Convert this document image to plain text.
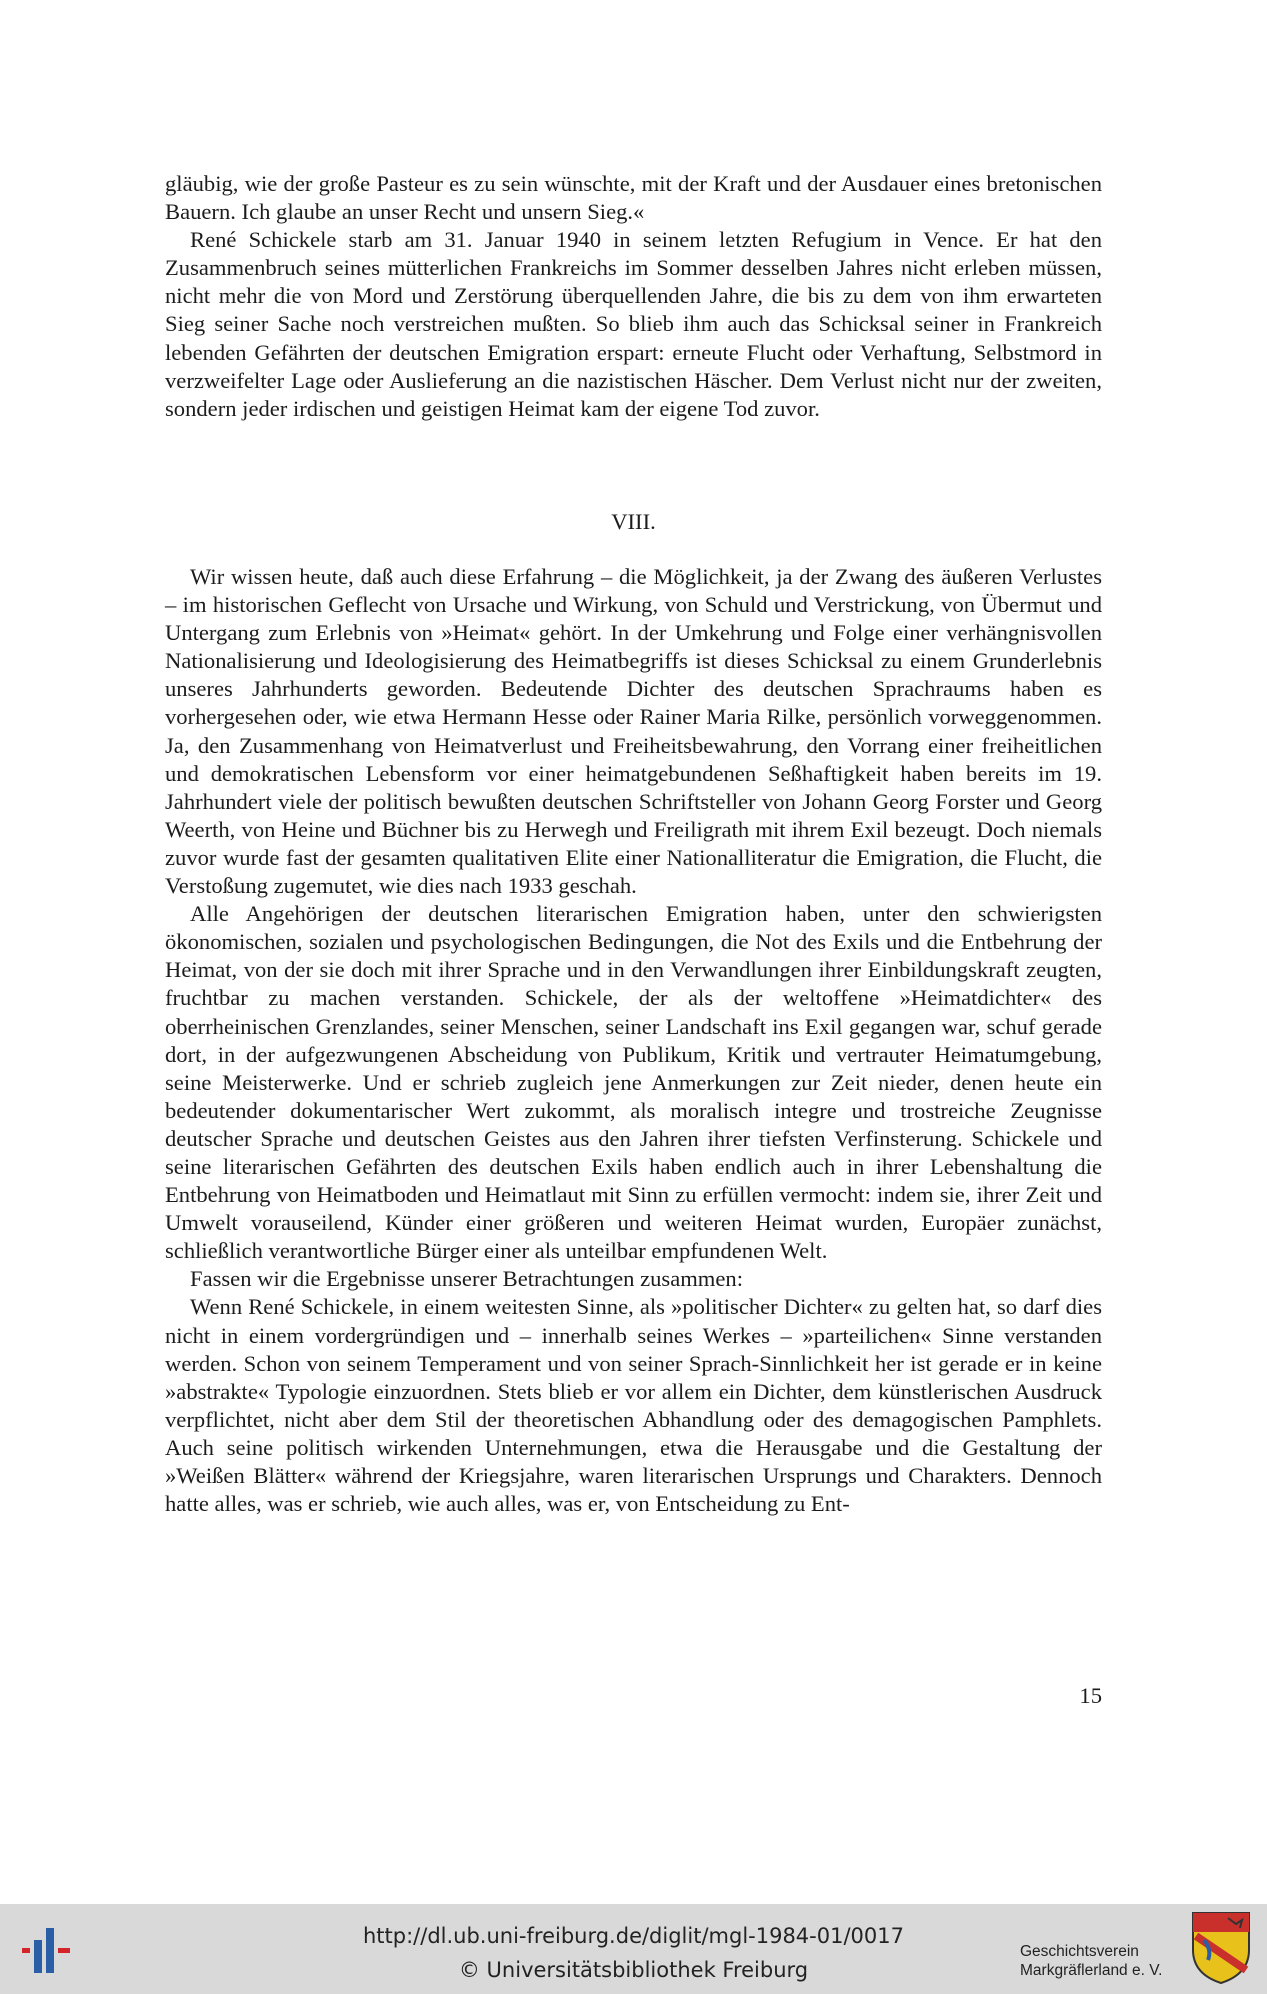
gläubig, wie der große Pasteur es zu sein wünschte, mit der Kraft und der Ausdauer eines bretonischen Bauern. Ich glaube an unser Recht und unsern Sieg.«

René Schickele starb am 31. Januar 1940 in seinem letzten Refugium in Vence. Er hat den Zusammenbruch seines mütterlichen Frankreichs im Sommer desselben Jahres nicht erleben müssen, nicht mehr die von Mord und Zerstörung überquellenden Jahre, die bis zu dem von ihm erwarteten Sieg seiner Sache noch verstreichen mußten. So blieb ihm auch das Schicksal seiner in Frankreich lebenden Gefährten der deutschen Emigration erspart: erneute Flucht oder Verhaftung, Selbstmord in verzweifelter Lage oder Auslieferung an die nazistischen Häscher. Dem Verlust nicht nur der zweiten, sondern jeder irdischen und geistigen Heimat kam der eigene Tod zuvor.

VIII.

Wir wissen heute, daß auch diese Erfahrung – die Möglichkeit, ja der Zwang des äußeren Verlustes – im historischen Geflecht von Ursache und Wirkung, von Schuld und Verstrickung, von Übermut und Untergang zum Erlebnis von »Heimat« gehört. In der Umkehrung und Folge einer verhängnisvollen Nationalisierung und Ideologisierung des Heimatbegriffs ist dieses Schicksal zu einem Grunderlebnis unseres Jahrhunderts geworden. Bedeutende Dichter des deutschen Sprachraums haben es vorhergesehen oder, wie etwa Hermann Hesse oder Rainer Maria Rilke, persönlich vorweggenommen. Ja, den Zusammenhang von Heimatverlust und Freiheitsbewahrung, den Vorrang einer freiheitlichen und demokratischen Lebensform vor einer heimatgebundenen Seßhaftigkeit haben bereits im 19. Jahrhundert viele der politisch bewußten deutschen Schriftsteller von Johann Georg Forster und Georg Weerth, von Heine und Büchner bis zu Herwegh und Freiligrath mit ihrem Exil bezeugt. Doch niemals zuvor wurde fast der gesamten qualitativen Elite einer Nationalliteratur die Emigration, die Flucht, die Verstoßung zugemutet, wie dies nach 1933 geschah.

Alle Angehörigen der deutschen literarischen Emigration haben, unter den schwierigsten ökonomischen, sozialen und psychologischen Bedingungen, die Not des Exils und die Entbehrung der Heimat, von der sie doch mit ihrer Sprache und in den Verwandlungen ihrer Einbildungskraft zeugten, fruchtbar zu machen verstanden. Schickele, der als der weltoffene »Heimatdichter« des oberrheinischen Grenzlandes, seiner Menschen, seiner Landschaft ins Exil gegangen war, schuf gerade dort, in der aufgezwungenen Abscheidung von Publikum, Kritik und vertrauter Heimatumgebung, seine Meisterwerke. Und er schrieb zugleich jene Anmerkungen zur Zeit nieder, denen heute ein bedeutender dokumentarischer Wert zukommt, als moralisch integre und trostreiche Zeugnisse deutscher Sprache und deutschen Geistes aus den Jahren ihrer tiefsten Verfinsterung. Schickele und seine literarischen Gefährten des deutschen Exils haben endlich auch in ihrer Lebenshaltung die Entbehrung von Heimatboden und Heimatlaut mit Sinn zu erfüllen vermocht: indem sie, ihrer Zeit und Umwelt vorauseilend, Künder einer größeren und weiteren Heimat wurden, Europäer zunächst, schließlich verantwortliche Bürger einer als unteilbar empfundenen Welt.

Fassen wir die Ergebnisse unserer Betrachtungen zusammen:

Wenn René Schickele, in einem weitesten Sinne, als »politischer Dichter« zu gelten hat, so darf dies nicht in einem vordergründigen und – innerhalb seines Werkes – »parteilichen« Sinne verstanden werden. Schon von seinem Temperament und von seiner Sprach-Sinnlichkeit her ist gerade er in keine »abstrakte« Typologie einzuordnen. Stets blieb er vor allem ein Dichter, dem künstlerischen Ausdruck verpflichtet, nicht aber dem Stil der theoretischen Abhandlung oder des demagogischen Pamphlets. Auch seine politisch wirkenden Unternehmungen, etwa die Herausgabe und die Gestaltung der »Weißen Blätter« während der Kriegsjahre, waren literarischen Ursprungs und Charakters. Dennoch hatte alles, was er schrieb, wie auch alles, was er, von Entscheidung zu Ent-

15
http://dl.ub.uni-freiburg.de/diglit/mgl-1984-01/0017
© Universitätsbibliothek Freiburg
Geschichtsverein
Markgräflerland e. V.
